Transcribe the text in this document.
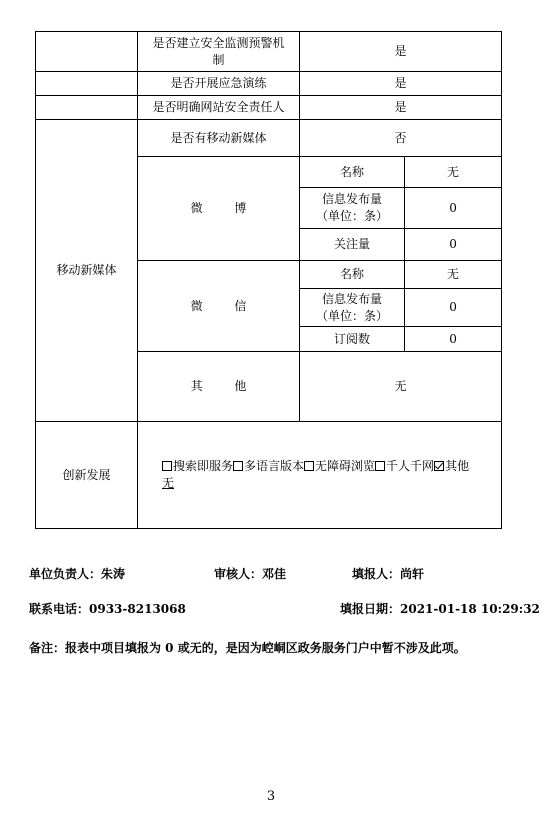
	是否建立安全监测预警机制	是	
	是否开展应急演练	是	
	是否明确网站安全责任人	是	
移动新媒体	是否有移动新媒体	否	
	微 博	名称	无
		信息发布量（单位：条）	0
		关注量	0
	微 信	名称	无
		信息发布量（单位：条）	0
		订阅数	0
	其 他	无	
创新发展	搜索即服务 多语言版本 无障碍浏览 千人千网 其他
无		
单位负责人：朱涛	审核人：邓佳	填报人：尚轩
联系电话：0933-8213068	填报日期：2021-01-18 10:29:32
备注：报表中项目填报为 0 或无的，是因为崆峒区政务服务门户中暂不涉及此项。
3
